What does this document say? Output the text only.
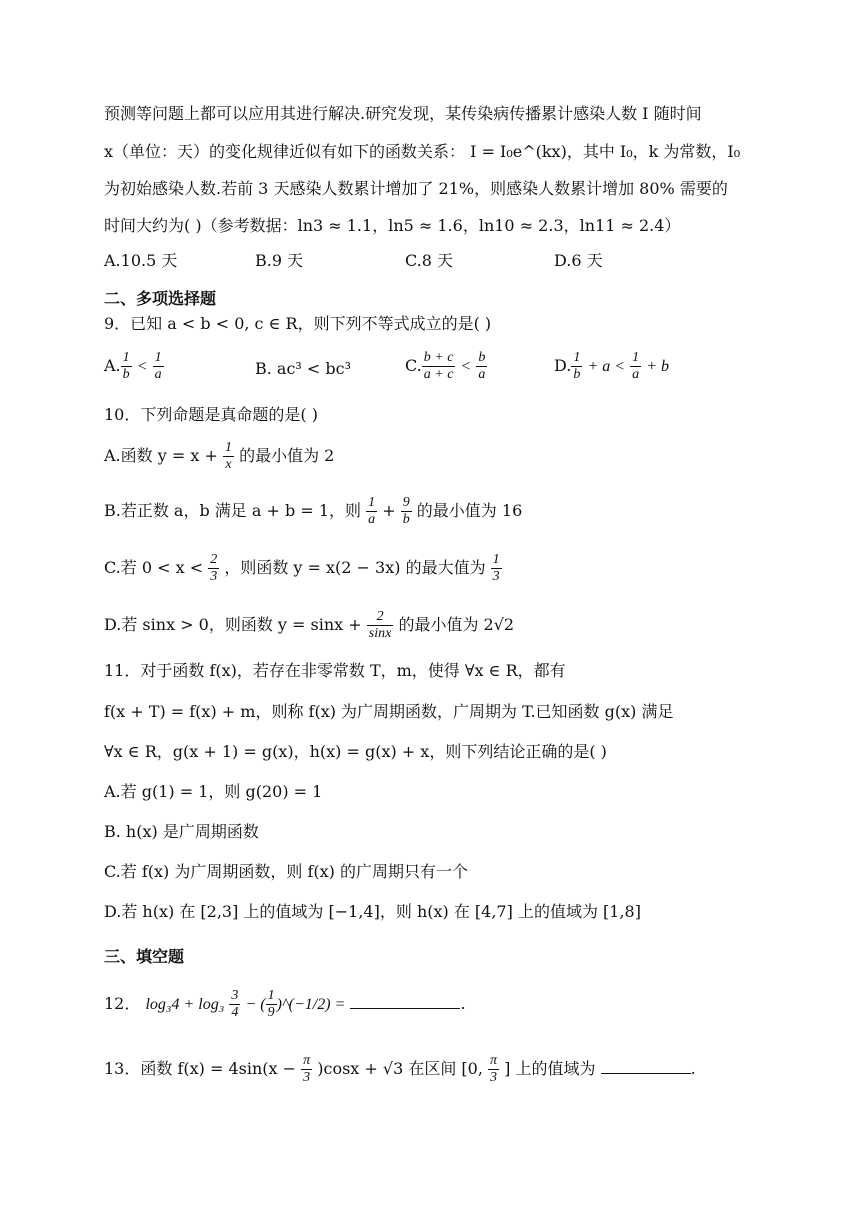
预测等问题上都可以应用其进行解决.研究发现，某传染病传播累计感染人数 I 随时间
x（单位：天）的变化规律近似有如下的函数关系： I = I₀e^(kx)，其中 I₀，k 为常数，I₀
为初始感染人数.若前 3 天感染人数累计增加了 21%，则感染人数累计增加 80% 需要的
时间大约为( )（参考数据：ln3 ≈ 1.1，ln5 ≈ 1.6，ln10 ≈ 2.3，ln11 ≈ 2.4）
A.10.5 天	B.9 天	C.8 天	D.6 天
二、多项选择题
9．已知 a < b < 0, c ∈ R，则下列不等式成立的是( )
A. $\frac{1}{b} < \frac{1}{a}$	B. ac³ < bc³	C. $\frac{b + c}{a + c} < \frac{b}{a}$	D. $\frac{1}{b} + a < \frac{1}{a} + b$
10．下列命题是真命题的是( )
A.函数 $y = x + \frac{1}{x}$ 的最小值为 2
B.若正数 a，b 满足 a + b = 1，则 $\frac{1}{a} + \frac{9}{b}$ 的最小值为 16
C.若 $0 < x < \frac{2}{3}$ ，则函数 y = x(2 − 3x) 的最大值为 $\frac{1}{3}$
D.若 sinx > 0，则函数 $y = \sin x + \frac{2}{\sin x}$ 的最小值为 2√2
11．对于函数 f(x)，若存在非零常数 T，m，使得 ∀x ∈ R，都有
f(x + T) = f(x) + m，则称 f(x) 为广周期函数，广周期为 T.已知函数 g(x) 满足
∀x ∈ R，g(x + 1) = g(x)，h(x) = g(x) + x，则下列结论正确的是( )
A.若 g(1) = 1，则 g(20) = 1
B. h(x) 是广周期函数
C.若 f(x) 为广周期函数，则 f(x) 的广周期只有一个
D.若 h(x) 在 [2,3] 上的值域为 [−1,4]，则 h(x) 在 [4,7] 上的值域为 [1,8]
三、填空题
12． $\log_34 + \log_3 \frac{3}{4}$ − ( $\frac{1}{9}$ )^(−1/2) =	.
13．函数 $f(x) = 4\sin(x - \frac{\pi}{3} )\cos x + √3$ 在区间 [0, $\frac{\pi}{3}$ ] 上的值域为	.
